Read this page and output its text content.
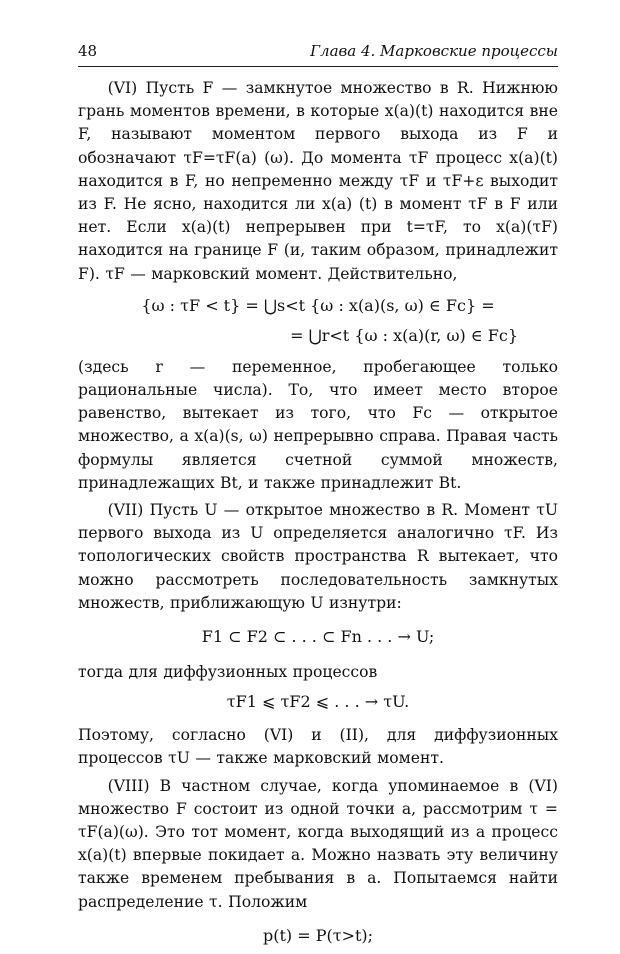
48	Глава 4. Марковские процессы

(VI) Пусть F — замкнутое множество в R. Нижнюю грань моментов времени, в которые x(a)(t) находится вне F, называют моментом первого выхода из F и обозначают τF=τF(a) (ω). До момента τF процесс x(a)(t) находится в F, но непременно между τF и τF+ε выходит из F. Не ясно, находится ли x(a) (t) в момент τF в F или нет. Если x(a)(t) непрерывен при t=τF, то x(a)(τF) находится на границе F (и, таким образом, принадлежит F). τF — марковский момент. Действительно,

{ω : τF < t} = ⋃s<t {ω : x(a)(s, ω) ∈ Fc} =
= ⋃r<t {ω : x(a)(r, ω) ∈ Fc}

(здесь r — переменное, пробегающее только рациональные числа). То, что имеет место второе равенство, вытекает из того, что Fc — открытое множество, а x(a)(s, ω) непрерывно справа. Правая часть формулы является счетной суммой множеств, принадлежащих Bt, и также принадлежит Bt.

(VII) Пусть U — открытое множество в R. Момент τU первого выхода из U определяется аналогично τF. Из топологических свойств пространства R вытекает, что можно рассмотреть последовательность замкнутых множеств, приближающую U изнутри:

F1 ⊂ F2 ⊂ . . . ⊂ Fn . . . → U;

тогда для диффузионных процессов

τF1 ⩽ τF2 ⩽ . . . → τU.

Поэтому, согласно (VI) и (II), для диффузионных процессов τU — также марковский момент.

(VIII) В частном случае, когда упоминаемое в (VI) множество F состоит из одной точки a, рассмотрим τ = τF(a)(ω). Это тот момент, когда выходящий из a процесс x(a)(t) впервые покидает a. Можно назвать эту величину также временем пребывания в a. Попытаемся найти распределение τ. Положим

p(t) = P(τ>t);
